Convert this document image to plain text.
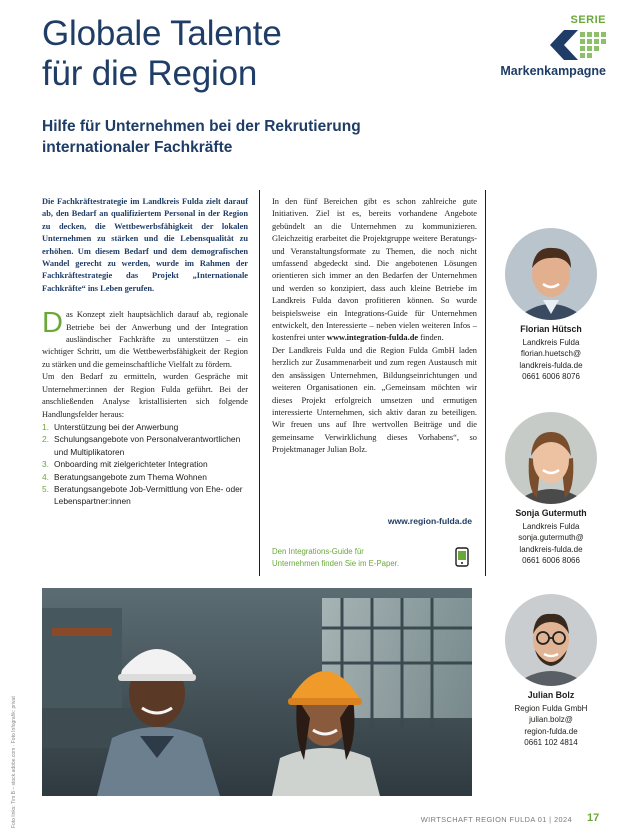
Globale Talente
für die Region
SERIE
Markenkampagne
Hilfe für Unternehmen bei der Rekrutierung
internationaler Fachkräfte

Die Fachkräftestrategie im Landkreis Fulda zielt darauf ab, den Bedarf an qualifiziertem Personal in der Region zu decken, die Wettbewerbsfähigkeit der lokalen Unternehmen zu stärken und die Lebensqualität zu erhöhen. Um diesem Bedarf und dem demografischen Wandel gerecht zu werden, wurde im Rahmen der Fachkräftestrategie das Projekt „Internationale Fachkräfte“ ins Leben gerufen.

D as Konzept zielt hauptsächlich darauf ab, regionale Betriebe bei der Anwerbung und der Integration ausländischer Fachkräfte zu unterstützen – ein wichtiger Schritt, um die Wettbewerbsfähigkeit der Region zu stärken und die gemeinschaftliche Vielfalt zu fördern.
Um den Bedarf zu ermitteln, wurden Gespräche mit Unternehmer:innen der Region Fulda geführt. Bei der anschließenden Analyse kristallisierten sich folgende Handlungsfelder heraus:
1. Unterstützung bei der Anwerbung
2. Schulungsangebote von Personalverantwortlichen und Multiplikatoren
3. Onboarding mit zielgerichteter Integration
4. Beratungsangebote zum Thema Wohnen
5. Beratungsangebote Job-Vermittlung von Ehe- oder Lebenspartner:innen

In den fünf Bereichen gibt es schon zahlreiche gute Initiativen. Ziel ist es, bereits vorhandene Angebote gebündelt an die Unternehmen zu kommunizieren. Gleichzeitig erarbeitet die Projektgruppe weitere Beratungs- und Veranstaltungsformate zu Themen, die noch nicht umfassend abgedeckt sind. Die angebotenen Lösungen orientieren sich immer an den Bedarfen der Unternehmen und werden so konzipiert, dass auch kleine Betriebe im Landkreis Fulda davon profitieren können. So wurde beispielsweise ein Integrations-Guide für Unternehmen entwickelt, den Interessierte – neben vielen weiteren Infos – kostenfrei unter www.integration-fulda.de finden.

Der Landkreis Fulda und die Region Fulda GmbH laden herzlich zur Zusammenarbeit und zum regen Austausch mit den ansässigen Unternehmen, Bildungseinrichtungen und weiteren Organisationen ein. „Gemeinsam möchten wir dieses Projekt erfolgreich umsetzen und ermutigen interessierte Unternehmen, sich aktiv daran zu beteiligen. Wir freuen uns auf Ihre wertvollen Beiträge und die gemeinsame Verwirklichung dieses Vorhabens“, so Projektmanager Julian Bolz.

www.region-fulda.de
Den Integrations-Guide für
Unternehmen finden Sie im E-Paper.
Florian Hütsch
Landkreis Fulda
florian.huetsch@
landkreis-fulda.de
0661 6006 8076
Sonja Gutermuth
Landkreis Fulda
sonja.gutermuth@
landkreis-fulda.de
0661 6006 8066
Julian Bolz
Region Fulda GmbH
julian.bolz@
region-fulda.de
0661 102 4814
Foto links: Tim B – stock.adobe.com · Foto Infografik: privat	WIRTSCHAFT REGION FULDA 01 | 2024 17
